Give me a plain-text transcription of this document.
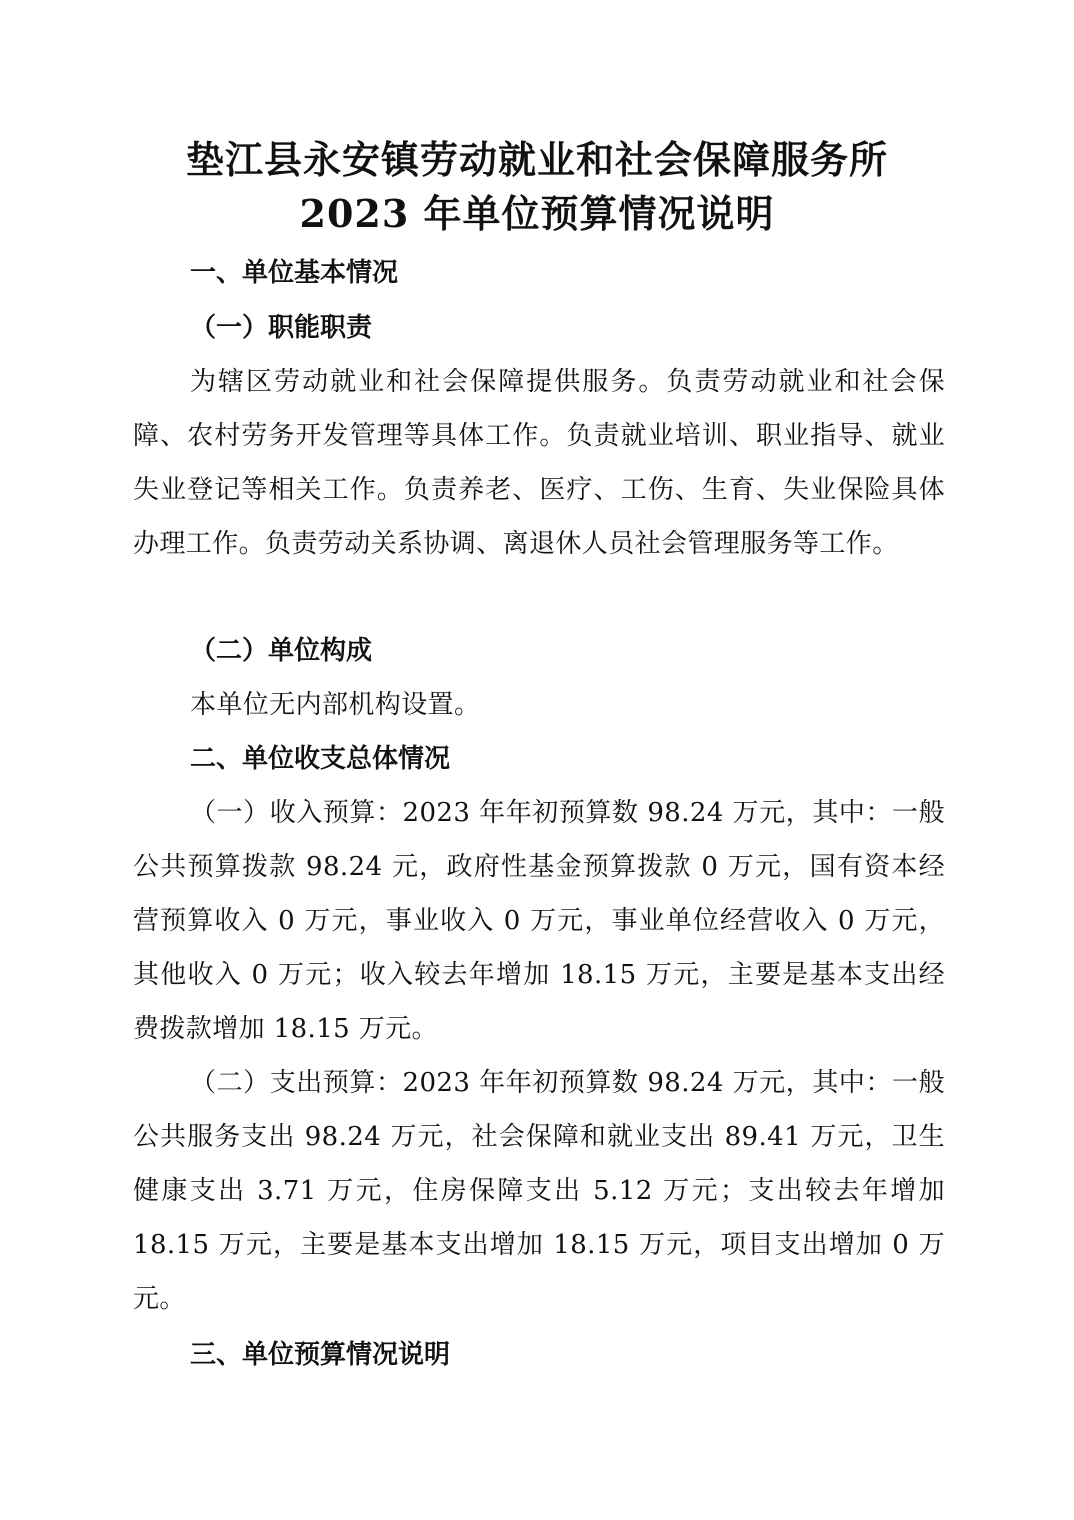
垫江县永安镇劳动就业和社会保障服务所
2023 年单位预算情况说明
一、单位基本情况
（一）职能职责

为辖区劳动就业和社会保障提供服务。负责劳动就业和社会保障、农村劳务开发管理等具体工作。负责就业培训、职业指导、就业失业登记等相关工作。负责养老、医疗、工伤、生育、失业保险具体办理工作。负责劳动关系协调、离退休人员社会管理服务等工作。

（二）单位构成

本单位无内部机构设置。

二、单位收支总体情况

（一）收入预算：2023 年年初预算数 98.24 万元，其中：一般公共预算拨款 98.24 元，政府性基金预算拨款 0 万元，国有资本经营预算收入 0 万元，事业收入 0 万元，事业单位经营收入 0 万元，其他收入 0 万元；收入较去年增加 18.15 万元，主要是基本支出经费拨款增加 18.15 万元。

（二）支出预算：2023 年年初预算数 98.24 万元，其中：一般公共服务支出 98.24 万元，社会保障和就业支出 89.41 万元，卫生健康支出 3.71 万元，住房保障支出 5.12 万元；支出较去年增加 18.15 万元，主要是基本支出增加 18.15 万元，项目支出增加 0 万元。

三、单位预算情况说明
